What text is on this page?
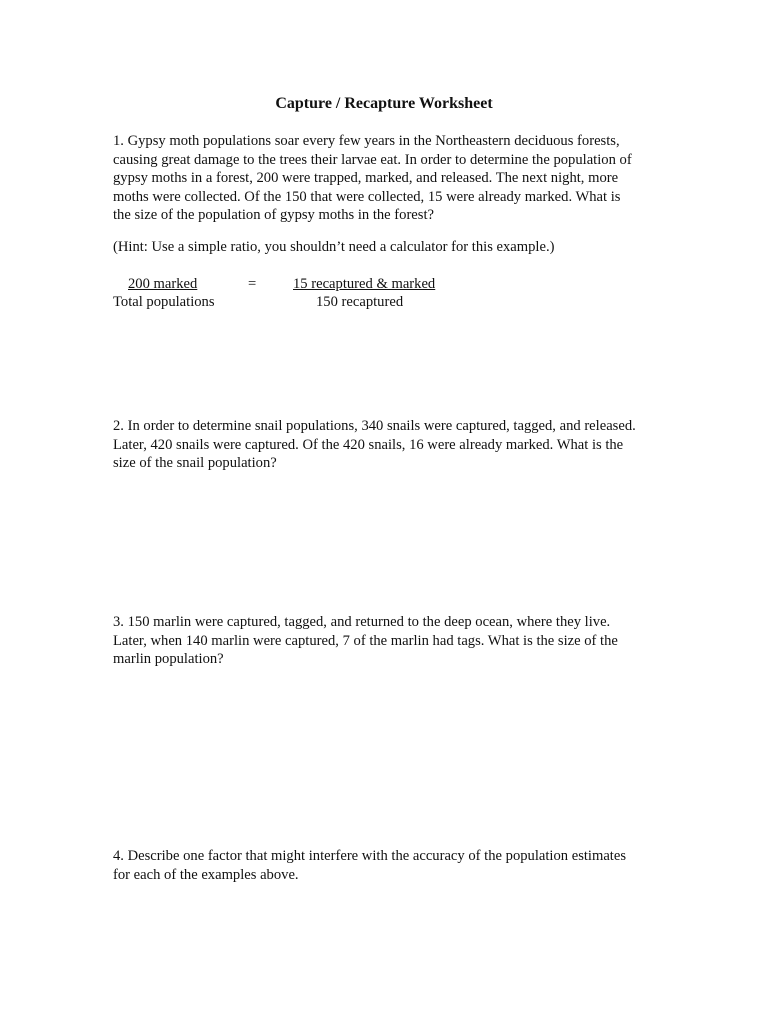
Capture / Recapture Worksheet
1. Gypsy moth populations soar every few years in the Northeastern deciduous forests,
causing great damage to the trees their larvae eat. In order to determine the population of
gypsy moths in a forest, 200 were trapped, marked, and released. The next night, more
moths were collected. Of the 150 that were collected, 15 were already marked. What is
the size of the population of gypsy moths in the forest?
(Hint: Use a simple ratio, you shouldn’t need a calculator for this example.)
200 marked
Total populations
=	15 recaptured & marked
150 recaptured
2. In order to determine snail populations, 340 snails were captured, tagged, and released.
Later, 420 snails were captured. Of the 420 snails, 16 were already marked. What is the
size of the snail population?
3. 150 marlin were captured, tagged, and returned to the deep ocean, where they live.
Later, when 140 marlin were captured, 7 of the marlin had tags. What is the size of the
marlin population?
4. Describe one factor that might interfere with the accuracy of the population estimates
for each of the examples above.
